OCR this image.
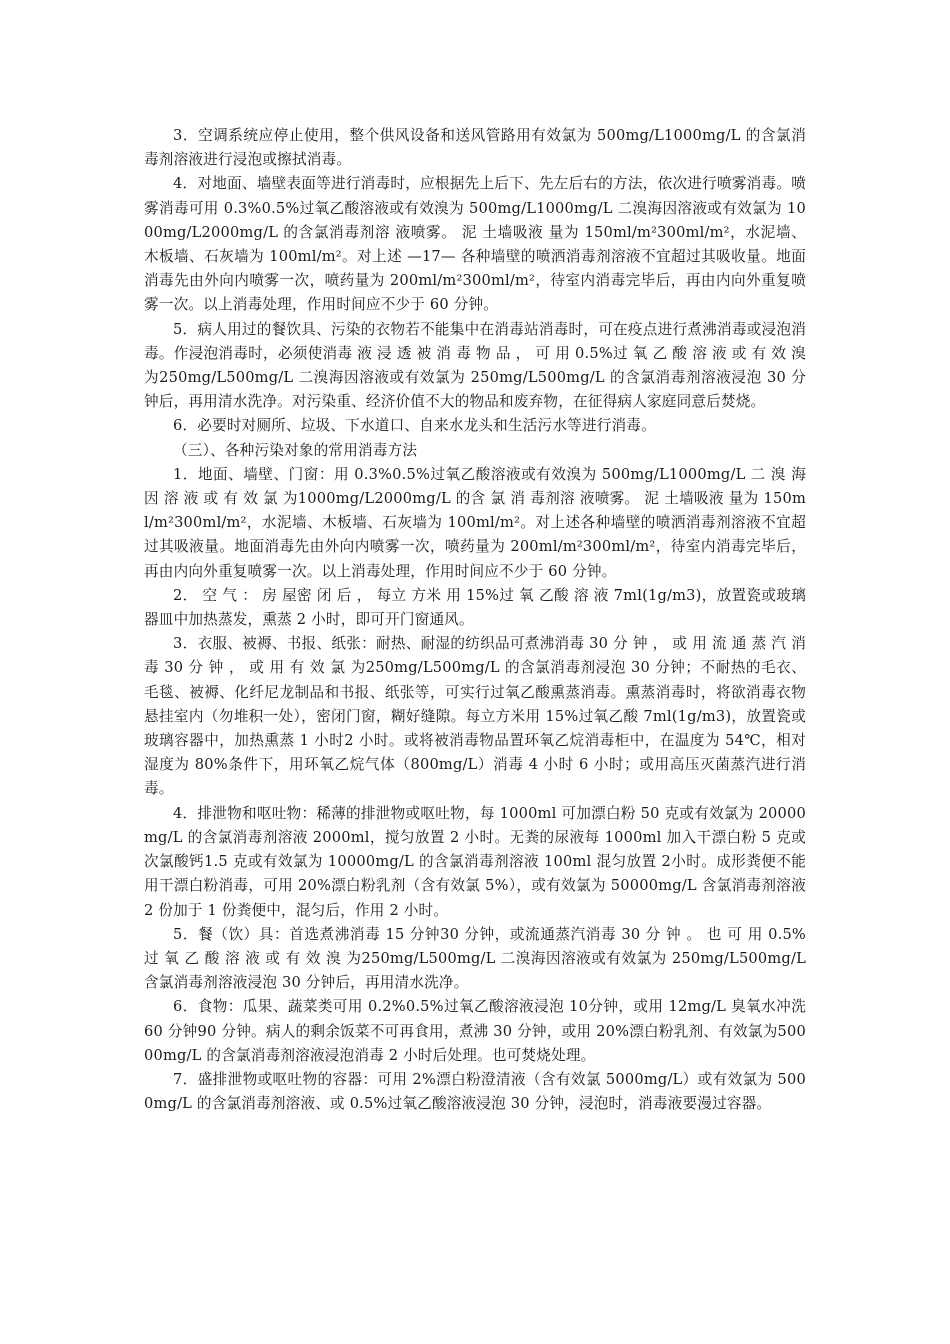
3．空调系统应停止使用，整个供风设备和送风管路用有效氯为 500mg/L1000mg/L 的含氯消毒剂溶液进行浸泡或擦拭消毒。

4．对地面、墙壁表面等进行消毒时，应根据先上后下、先左后右的方法，依次进行喷雾消毒。喷雾消毒可用 0.3%0.5%过氧乙酸溶液或有效溴为 500mg/L1000mg/L 二溴海因溶液或有效氯为 1000mg/L2000mg/L 的含氯消毒剂溶 液喷雾。 泥 土墙吸液 量为 150ml/m²300ml/m²，水泥墙、木板墙、石灰墙为 100ml/m²。对上述 —17— 各种墙壁的喷洒消毒剂溶液不宜超过其吸收量。地面消毒先由外向内喷雾一次，喷药量为 200ml/m²300ml/m²，待室内消毒完毕后，再由内向外重复喷雾一次。以上消毒处理，作用时间应不少于 60 分钟。

5．病人用过的餐饮具、污染的衣物若不能集中在消毒站消毒时，可在疫点进行煮沸消毒或浸泡消毒。作浸泡消毒时，必须使消毒 液 浸 透 被 消 毒 物 品 ， 可 用 0.5%过 氧 乙 酸 溶 液 或 有 效 溴 为250mg/L500mg/L 二溴海因溶液或有效氯为 250mg/L500mg/L 的含氯消毒剂溶液浸泡 30 分钟后，再用清水洗净。对污染重、经济价值不大的物品和废弃物，在征得病人家庭同意后焚烧。

6．必要时对厕所、垃圾、下水道口、自来水龙头和生活污水等进行消毒。

（三）、各种污染对象的常用消毒方法

1．地面、墙壁、门窗：用 0.3%0.5%过氧乙酸溶液或有效溴为 500mg/L1000mg/L 二 溴 海 因 溶 液 或 有 效 氯 为1000mg/L2000mg/L 的含 氯 消 毒剂溶 液喷雾。 泥 土墙吸液 量为 150ml/m²300ml/m²，水泥墙、木板墙、石灰墙为 100ml/m²。对上述各种墙壁的喷洒消毒剂溶液不宜超过其吸液量。地面消毒先由外向内喷雾一次，喷药量为 200ml/m²300ml/m²，待室内消毒完毕后，再由内向外重复喷雾一次。以上消毒处理，作用时间应不少于 60 分钟。

2． 空 气 ： 房 屋密 闭 后 ， 每立 方米 用 15%过 氧 乙酸 溶 液 7ml(1g/m3)，放置瓷或玻璃器皿中加热蒸发，熏蒸 2 小时，即可开门窗通风。

3．衣服、被褥、书报、纸张：耐热、耐湿的纺织品可煮沸消毒 30 分 钟 ， 或 用 流 通 蒸 汽 消 毒 30 分 钟 ， 或 用 有 效 氯 为250mg/L500mg/L 的含氯消毒剂浸泡 30 分钟；不耐热的毛衣、毛毯、被褥、化纤尼龙制品和书报、纸张等，可实行过氧乙酸熏蒸消毒。熏蒸消毒时，将欲消毒衣物悬挂室内（勿堆积一处），密闭门窗，糊好缝隙。每立方米用 15%过氧乙酸 7ml(1g/m3)，放置瓷或玻璃容器中，加热熏蒸 1 小时2 小时。或将被消毒物品置环氧乙烷消毒柜中，在温度为 54℃，相对湿度为 80%条件下，用环氧乙烷气体（800mg/L）消毒 4 小时 6 小时；或用高压灭菌蒸汽进行消毒。

4．排泄物和呕吐物：稀薄的排泄物或呕吐物，每 1000ml 可加漂白粉 50 克或有效氯为 20000mg/L 的含氯消毒剂溶液 2000ml，搅匀放置 2 小时。无粪的尿液每 1000ml 加入干漂白粉 5 克或次氯酸钙1.5 克或有效氯为 10000mg/L 的含氯消毒剂溶液 100ml 混匀放置 2小时。成形粪便不能用干漂白粉消毒，可用 20%漂白粉乳剂（含有效氯 5%），或有效氯为 50000mg/L 含氯消毒剂溶液 2 份加于 1 份粪便中，混匀后，作用 2 小时。

5．餐（饮）具：首选煮沸消毒 15 分钟30 分钟，或流通蒸汽消毒 30 分 钟 。 也 可 用 0.5% 过 氧 乙 酸 溶 液 或 有 效 溴 为250mg/L500mg/L 二溴海因溶液或有效氯为 250mg/L500mg/L 含氯消毒剂溶液浸泡 30 分钟后，再用清水洗净。

6．食物：瓜果、蔬菜类可用 0.2%0.5%过氧乙酸溶液浸泡 10分钟，或用 12mg/L 臭氧水冲洗 60 分钟90 分钟。病人的剩余饭菜不可再食用，煮沸 30 分钟，或用 20%漂白粉乳剂、有效氯为50000mg/L 的含氯消毒剂溶液浸泡消毒 2 小时后处理。也可焚烧处理。

7．盛排泄物或呕吐物的容器：可用 2%漂白粉澄清液（含有效氯 5000mg/L）或有效氯为 5000mg/L 的含氯消毒剂溶液、或 0.5%过氧乙酸溶液浸泡 30 分钟，浸泡时，消毒液要漫过容器。
